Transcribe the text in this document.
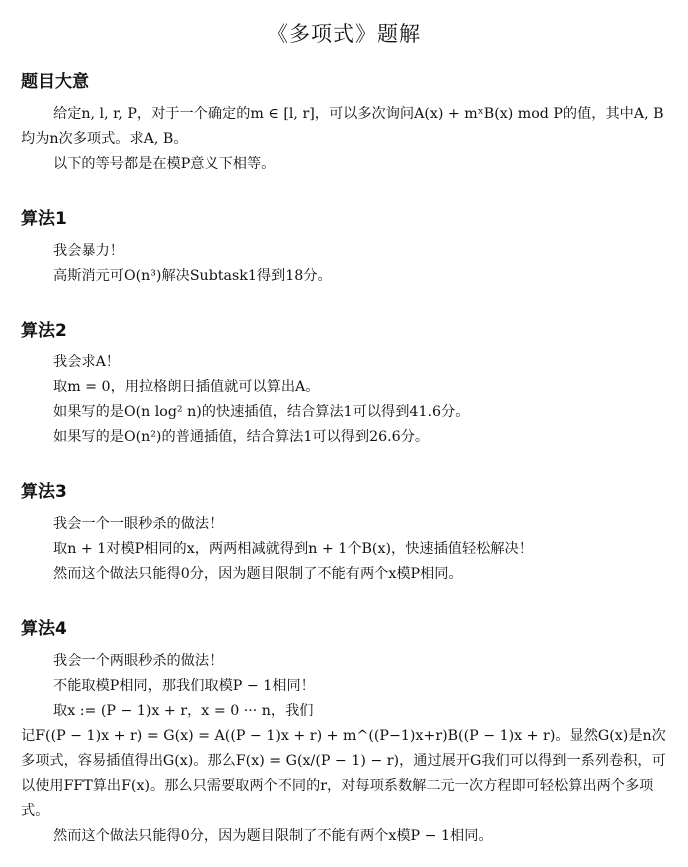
《多项式》题解
题目大意
给定n, l, r, P，对于一个确定的m ∈ [l, r]，可以多次询问A(x) + mˣB(x) mod P的值，其中A, B均为n次多项式。求A, B。
以下的等号都是在模P意义下相等。
算法1
我会暴力！
高斯消元可O(n³)解决Subtask1得到18分。
算法2
我会求A！
取m = 0，用拉格朗日插值就可以算出A。
如果写的是O(n log² n)的快速插值，结合算法1可以得到41.6分。
如果写的是O(n²)的普通插值，结合算法1可以得到26.6分。
算法3
我会一个一眼秒杀的做法！
取n + 1对模P相同的x，两两相减就得到n + 1个B(x)，快速插值轻松解决！
然而这个做法只能得0分，因为题目限制了不能有两个x模P相同。
算法4
我会一个两眼秒杀的做法！
不能取模P相同，那我们取模P − 1相同！
取x := (P − 1)x + r，x = 0 ··· n，我们
记F((P − 1)x + r) = G(x) = A((P − 1)x + r) + m^((P−1)x+r)B((P − 1)x + r)。显然G(x)是n次多项式，容易插值得出G(x)。那么F(x) = G(x/(P − 1) − r)，通过展开G我们可以得到一系列卷积，可以使用FFT算出F(x)。那么只需要取两个不同的r，对每项系数解二元一次方程即可轻松算出两个多项式。
然而这个做法只能得0分，因为题目限制了不能有两个x模P − 1相同。
